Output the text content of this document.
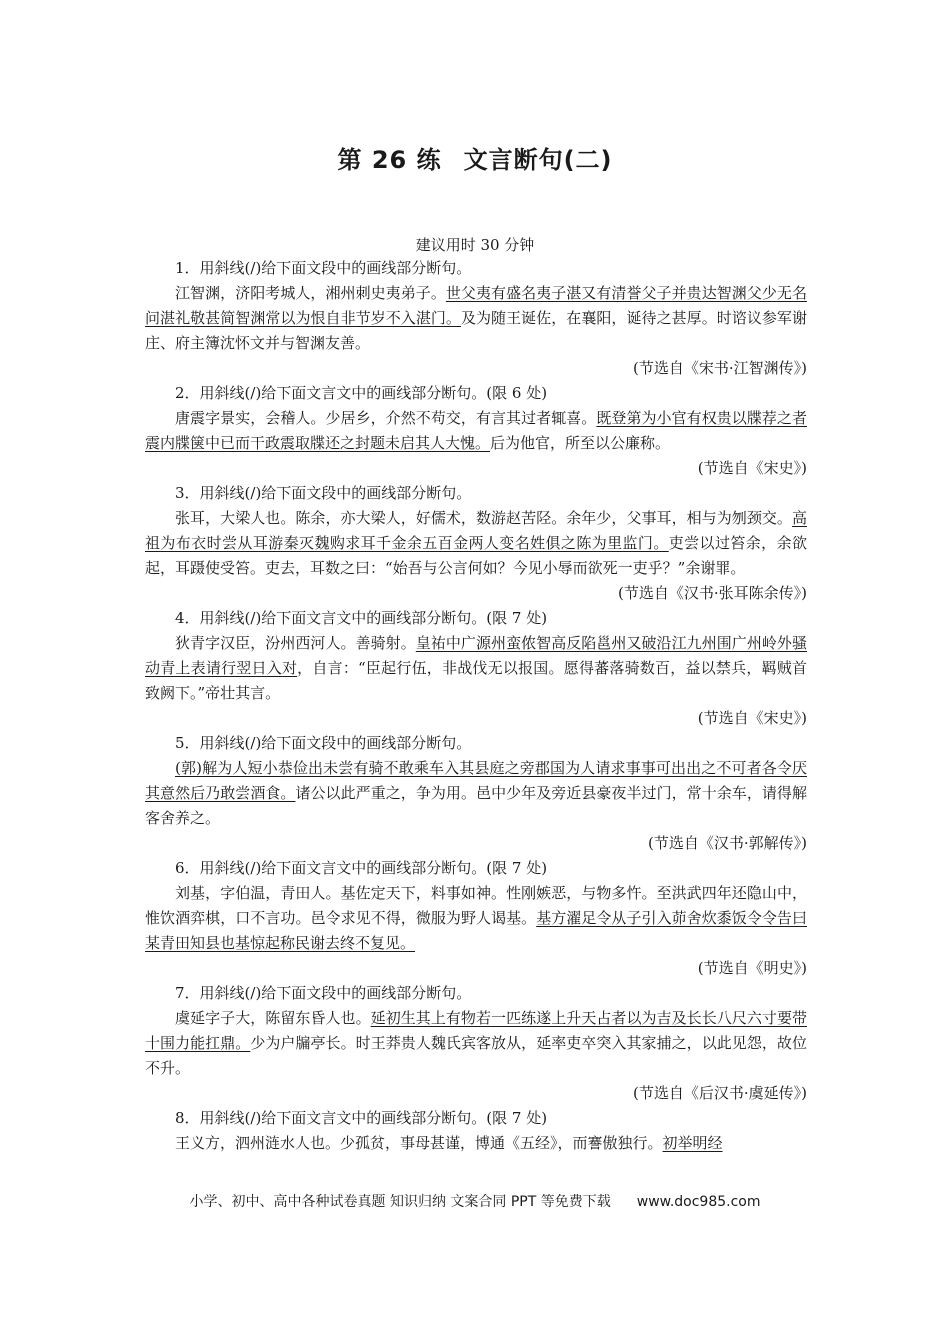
第 26 练 文言断句(二)
建议用时 30 分钟

1．用斜线(/)给下面文段中的画线部分断句。

江智渊，济阳考城人，湘州刺史夷弟子。世父夷有盛名夷子湛又有清誉父子并贵达智渊父少无名问湛礼敬甚简智渊常以为恨自非节岁不入湛门。及为随王诞佐，在襄阳，诞待之甚厚。时谘议参军谢庄、府主簿沈怀文并与智渊友善。

(节选自《宋书·江智渊传》)

2．用斜线(/)给下面文言文中的画线部分断句。(限 6 处)

唐震字景实，会稽人。少居乡，介然不苟交，有言其过者辄喜。既登第为小官有权贵以牒荐之者震内牒箧中已而干政震取牒还之封题未启其人大愧。后为他官，所至以公廉称。

(节选自《宋史》)

3．用斜线(/)给下面文段中的画线部分断句。

张耳，大梁人也。陈余，亦大梁人，好儒术，数游赵苦陉。余年少，父事耳，相与为刎颈交。高祖为布衣时尝从耳游秦灭魏购求耳千金余五百金两人变名姓俱之陈为里监门。吏尝以过笞余，余欲起，耳蹑使受笞。吏去，耳数之曰：“始吾与公言何如？今见小辱而欲死一吏乎？”余谢罪。

(节选自《汉书·张耳陈余传》)

4．用斜线(/)给下面文言文中的画线部分断句。(限 7 处)

狄青字汉臣，汾州西河人。善骑射。皇祐中广源州蛮侬智高反陷邕州又破沿江九州围广州岭外骚动青上表请行翌日入对，自言：“臣起行伍，非战伐无以报国。愿得蕃落骑数百，益以禁兵，羁贼首致阙下。”帝壮其言。

(节选自《宋史》)

5．用斜线(/)给下面文段中的画线部分断句。

(郭)解为人短小恭俭出未尝有骑不敢乘车入其县庭之旁郡国为人请求事事可出出之不可者各令厌其意然后乃敢尝酒食。诸公以此严重之，争为用。邑中少年及旁近县豪夜半过门，常十余车，请得解客舍养之。

(节选自《汉书·郭解传》)

6．用斜线(/)给下面文言文中的画线部分断句。(限 7 处)

刘基，字伯温，青田人。基佐定天下，料事如神。性刚嫉恶，与物多忤。至洪武四年还隐山中，惟饮酒弈棋，口不言功。邑令求见不得，微服为野人谒基。基方濯足令从子引入茆舍炊黍饭令令告曰某青田知县也基惊起称民谢去终不复见。

(节选自《明史》)

7．用斜线(/)给下面文段中的画线部分断句。

虞延字子大，陈留东昏人也。延初生其上有物若一匹练遂上升天占者以为吉及长长八尺六寸要带十围力能扛鼎。少为户牖亭长。时王莽贵人魏氏宾客放从，延率吏卒突入其家捕之，以此见怨，故位不升。

(节选自《后汉书·虞延传》)

8．用斜线(/)给下面文言文中的画线部分断句。(限 7 处)

王义方，泗州涟水人也。少孤贫，事母甚谨，博通《五经》，而謇傲独行。初举明经

小学、初中、高中各种试卷真题 知识归纳 文案合同 PPT 等免费下载 www.doc985.com
